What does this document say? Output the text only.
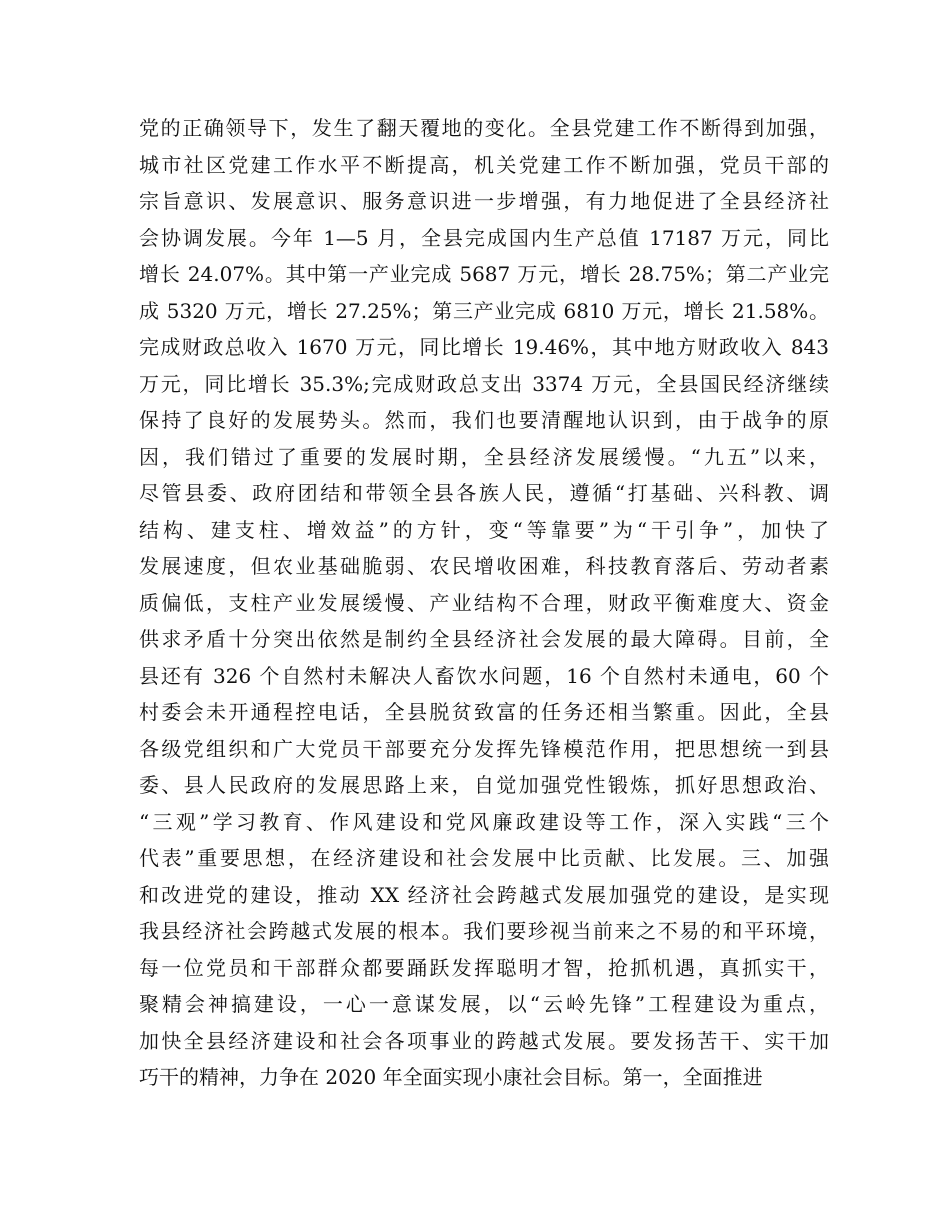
党的正确领导下，发生了翻天覆地的变化。全县党建工作不断得到加强，
城市社区党建工作水平不断提高，机关党建工作不断加强，党员干部的
宗旨意识、发展意识、服务意识进一步增强，有力地促进了全县经济社
会协调发展。今年 1—5 月，全县完成国内生产总值 17187 万元，同比
增长 24.07%。其中第一产业完成 5687 万元，增长 28.75%；第二产业完
成 5320 万元，增长 27.25%；第三产业完成 6810 万元，增长 21.58%。
完成财政总收入 1670 万元，同比增长 19.46%，其中地方财政收入 843
万元，同比增长 35.3%;完成财政总支出 3374 万元，全县国民经济继续
保持了良好的发展势头。然而，我们也要清醒地认识到，由于战争的原
因，我们错过了重要的发展时期，全县经济发展缓慢。“九五”以来，
尽管县委、政府团结和带领全县各族人民，遵循“打基础、兴科教、调
结构、建支柱、增效益”的方针，变“等靠要”为“干引争”，加快了
发展速度，但农业基础脆弱、农民增收困难，科技教育落后、劳动者素
质偏低，支柱产业发展缓慢、产业结构不合理，财政平衡难度大、资金
供求矛盾十分突出依然是制约全县经济社会发展的最大障碍。目前，全
县还有 326 个自然村未解决人畜饮水问题，16 个自然村未通电，60 个
村委会未开通程控电话，全县脱贫致富的任务还相当繁重。因此，全县
各级党组织和广大党员干部要充分发挥先锋模范作用，把思想统一到县
委、县人民政府的发展思路上来，自觉加强党性锻炼，抓好思想政治、
“三观”学习教育、作风建设和党风廉政建设等工作，深入实践“三个
代表”重要思想，在经济建设和社会发展中比贡献、比发展。三、加强
和改进党的建设，推动 XX 经济社会跨越式发展加强党的建设，是实现
我县经济社会跨越式发展的根本。我们要珍视当前来之不易的和平环境，
每一位党员和干部群众都要踊跃发挥聪明才智，抢抓机遇，真抓实干，
聚精会神搞建设，一心一意谋发展，以“云岭先锋”工程建设为重点，
加快全县经济建设和社会各项事业的跨越式发展。要发扬苦干、实干加
巧干的精神，力争在 2020 年全面实现小康社会目标。第一，全面推进
